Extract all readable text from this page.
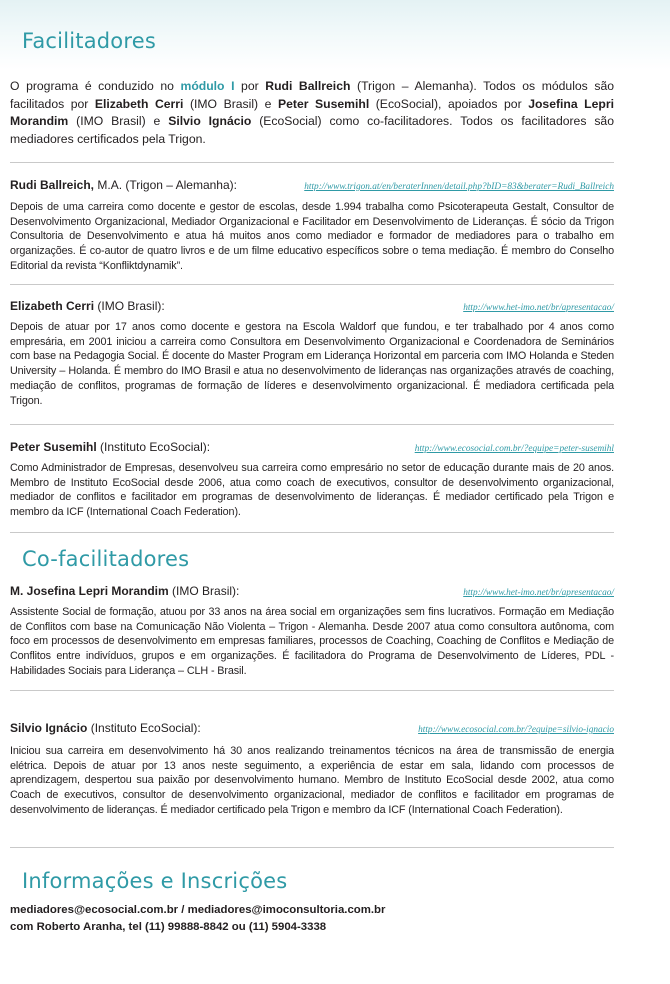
Facilitadores

O programa é conduzido no módulo I por Rudi Ballreich (Trigon – Alemanha). Todos os módulos são facilitados por Elizabeth Cerri (IMO Brasil) e Peter Susemihl (EcoSocial), apoiados por Josefina Lepri Morandim (IMO Brasil) e Silvio Ignácio (EcoSocial) como co-facilitadores. Todos os facilitadores são mediadores certificados pela Trigon.

Rudi Ballreich, M.A. (Trigon – Alemanha):	http://www.trigon.at/en/beraterInnen/detail.php?bID=83&berater=Rudi_Ballreich

Depois de uma carreira como docente e gestor de escolas, desde 1.994 trabalha como Psicoterapeuta Gestalt, Consultor de Desenvolvimento Organizacional, Mediador Organizacional e Facilitador em Desenvolvimento de Lideranças. É sócio da Trigon Consultoria de Desenvolvimento e atua há muitos anos como mediador e formador de mediadores para o trabalho em organizações. É co-autor de quatro livros e de um filme educativo específicos sobre o tema mediação. É membro do Conselho Editorial da revista “Konfliktdynamik”.

Elizabeth Cerri (IMO Brasil):	http://www.het-imo.net/br/apresentacao/

Depois de atuar por 17 anos como docente e gestora na Escola Waldorf que fundou, e ter trabalhado por 4 anos como empresária, em 2001 iniciou a carreira como Consultora em Desenvolvimento Organizacional e Coordenadora de Seminários com base na Pedagogia Social. É docente do Master Program em Liderança Horizontal em parceria com IMO Holanda e Steden University – Holanda. É membro do IMO Brasil e atua no desenvolvimento de lideranças nas organizações através de coaching, mediação de conflitos, programas de formação de líderes e desenvolvimento organizacional. É mediadora certificada pela Trigon.

Peter Susemihl (Instituto EcoSocial):	http://www.ecosocial.com.br/?equipe=peter-susemihl

Como Administrador de Empresas, desenvolveu sua carreira como empresário no setor de educação durante mais de 20 anos. Membro de Instituto EcoSocial desde 2006, atua como coach de executivos, consultor de desenvolvimento organizacional, mediador de conflitos e facilitador em programas de desenvolvimento de lideranças. É mediador certificado pela Trigon e membro da ICF (International Coach Federation).

Co-facilitadores
M. Josefina Lepri Morandim (IMO Brasil):	http://www.het-imo.net/br/apresentacao/

Assistente Social de formação, atuou por 33 anos na área social em organizações sem fins lucrativos. Formação em Mediação de Conflitos com base na Comunicação Não Violenta – Trigon - Alemanha. Desde 2007 atua como consultora autônoma, com foco em processos de desenvolvimento em empresas familiares, processos de Coaching, Coaching de Conflitos e Mediação de Conflitos entre indivíduos, grupos e em organizações. É facilitadora do Programa de Desenvolvimento de Líderes, PDL - Habilidades Sociais para Liderança – CLH - Brasil.

Silvio Ignácio (Instituto EcoSocial):	http://www.ecosocial.com.br/?equipe=silvio-ignacio

Iniciou sua carreira em desenvolvimento há 30 anos realizando treinamentos técnicos na área de transmissão de energia elétrica. Depois de atuar por 13 anos neste seguimento, a experiência de estar em sala, lidando com processos de aprendizagem, despertou sua paixão por desenvolvimento humano. Membro de Instituto EcoSocial desde 2002, atua como Coach de executivos, consultor de desenvolvimento organizacional, mediador de conflitos e facilitador em programas de desenvolvimento de lideranças. É mediador certificado pela Trigon e membro da ICF (International Coach Federation).

Informações e Inscrições

mediadores@ecosocial.com.br / mediadores@imoconsultoria.com.br
com Roberto Aranha, tel (11) 99888-8842 ou (11) 5904-3338
